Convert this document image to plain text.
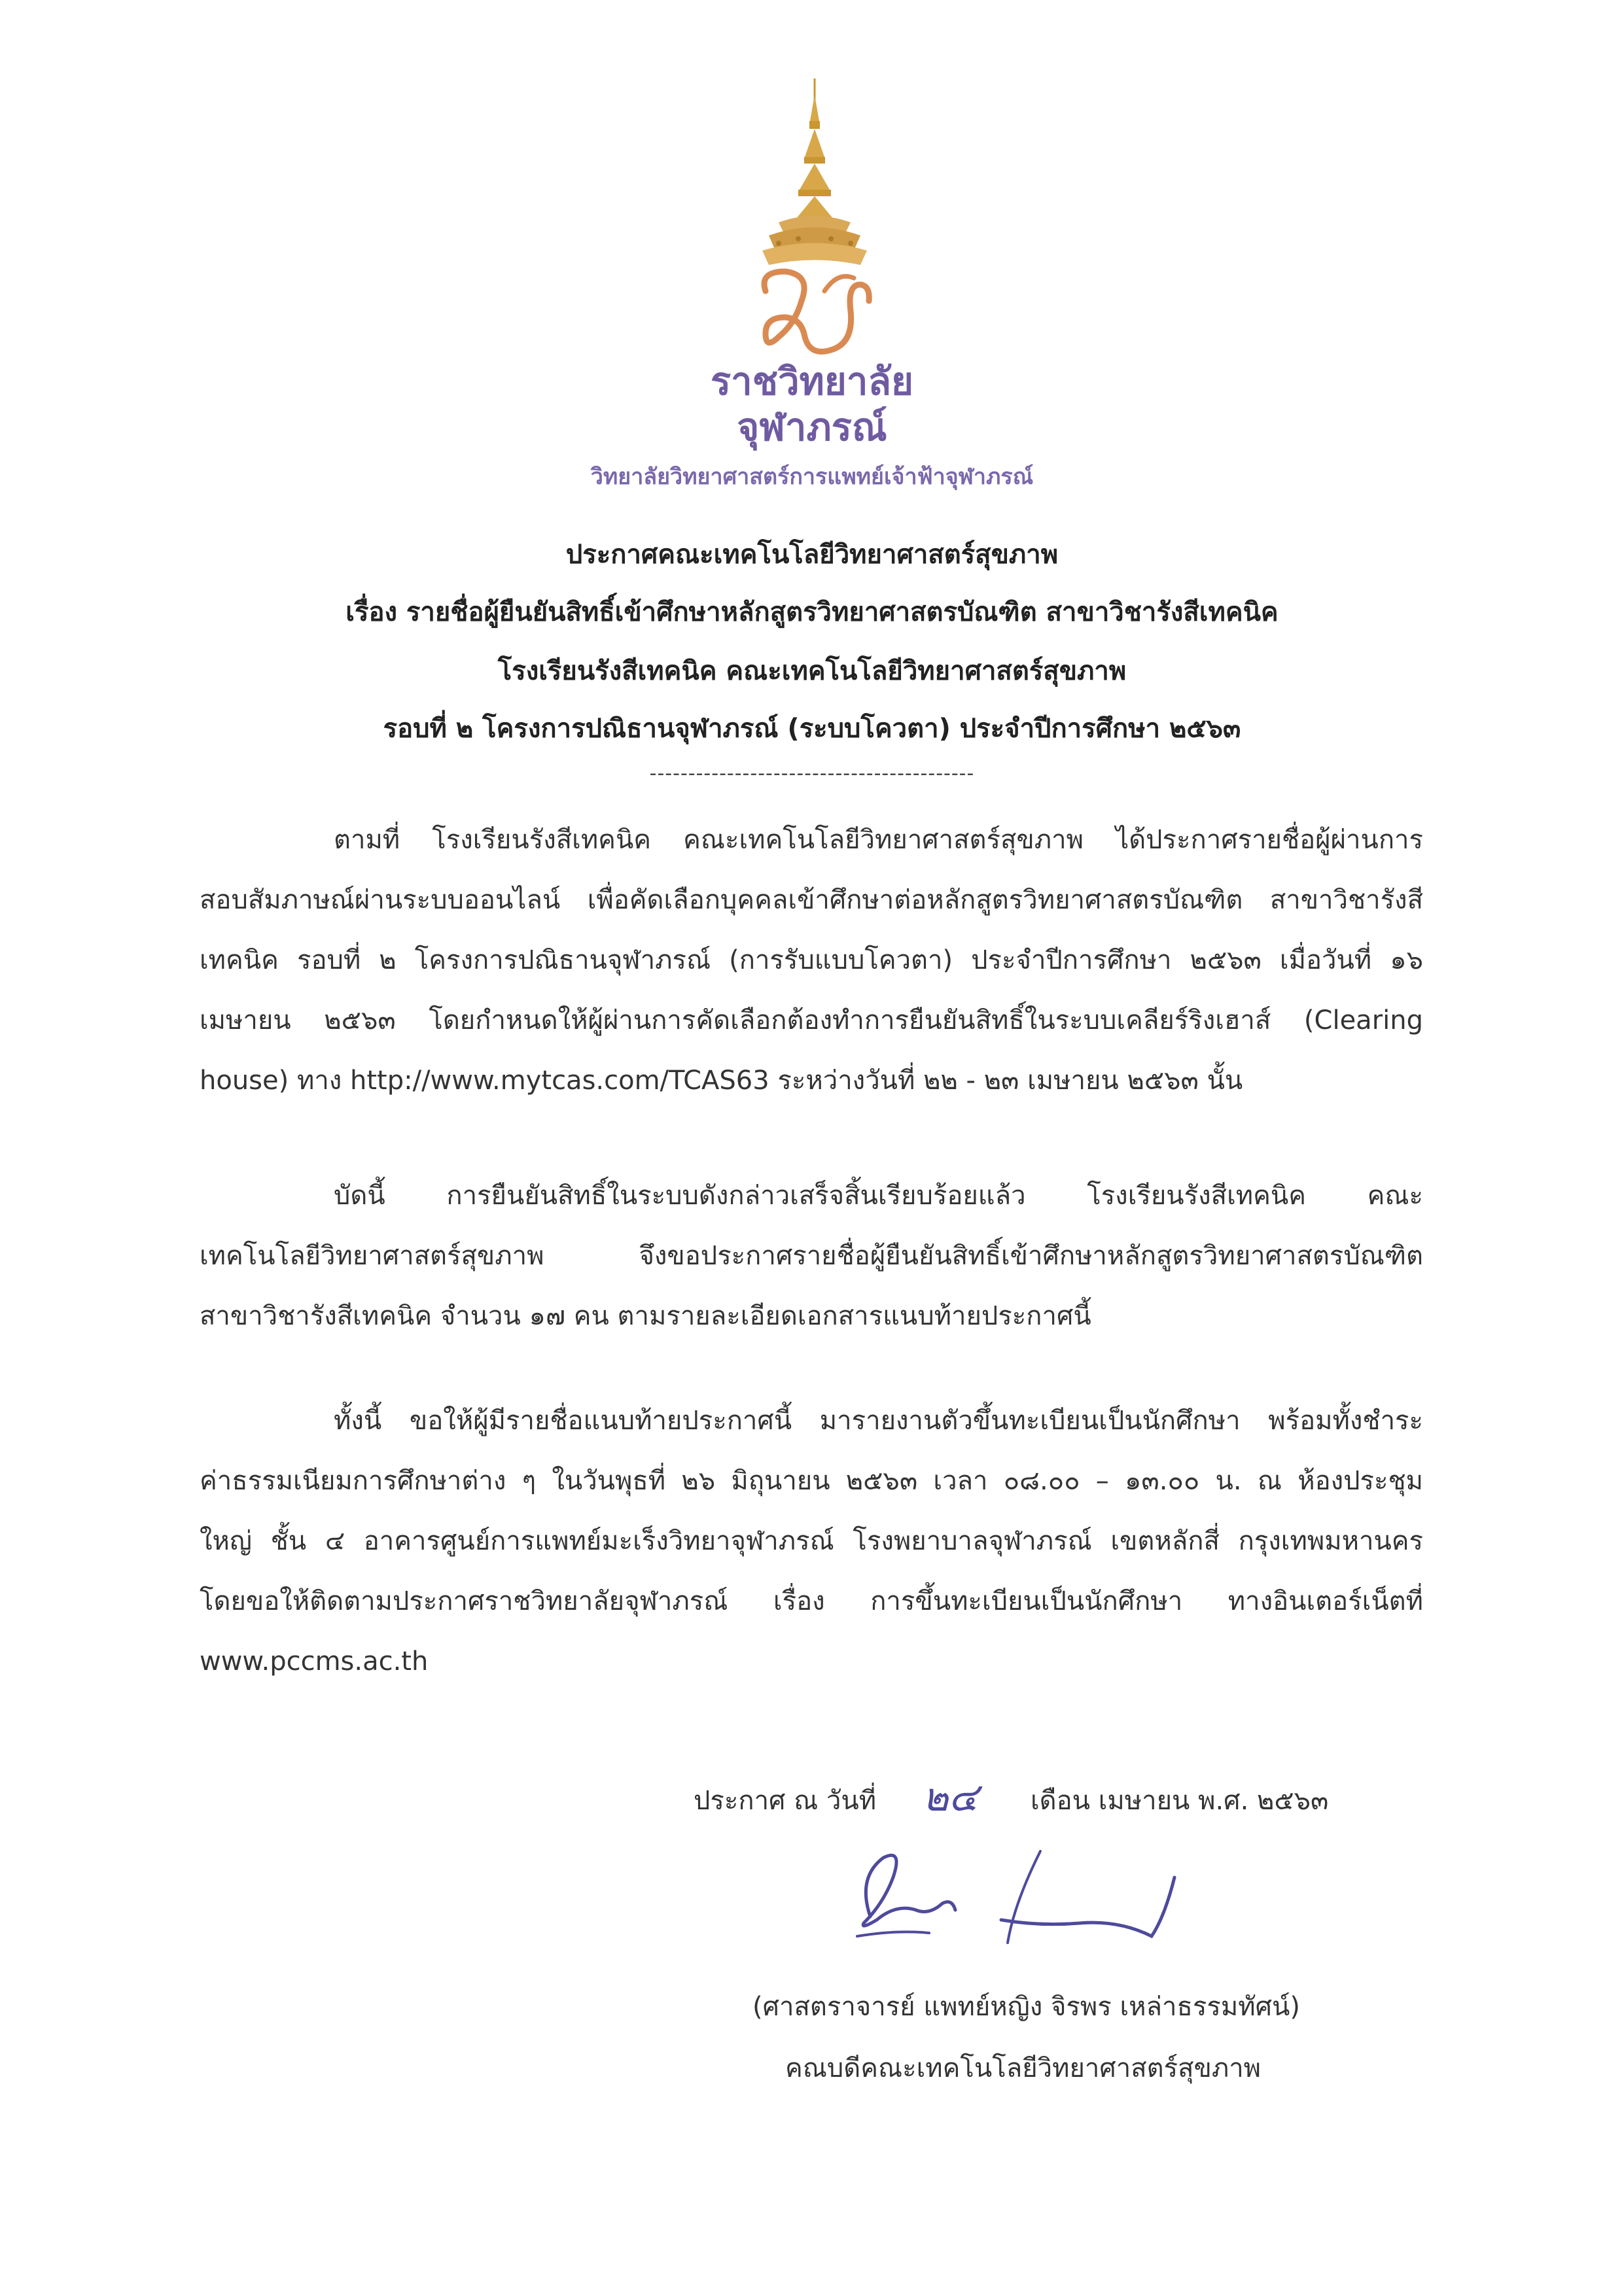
ราชวิทยาลัย
จุฬาภรณ์
วิทยาลัยวิทยาศาสตร์การแพทย์เจ้าฟ้าจุฬาภรณ์
ประกาศคณะเทคโนโลยีวิทยาศาสตร์สุขภาพ
เรื่อง รายชื่อผู้ยืนยันสิทธิ์เข้าศึกษาหลักสูตรวิทยาศาสตรบัณฑิต สาขาวิชารังสีเทคนิค
โรงเรียนรังสีเทคนิค คณะเทคโนโลยีวิทยาศาสตร์สุขภาพ
รอบที่ ๒ โครงการปณิธานจุฬาภรณ์ (ระบบโควตา) ประจำปีการศึกษา ๒๕๖๓
------------------------------------------
ตามที่ โรงเรียนรังสีเทคนิค คณะเทคโนโลยีวิทยาศาสตร์สุขภาพ ได้ประกาศรายชื่อผู้ผ่านการ
สอบสัมภาษณ์ผ่านระบบออนไลน์ เพื่อคัดเลือกบุคคลเข้าศึกษาต่อหลักสูตรวิทยาศาสตรบัณฑิต สาขาวิชารังสี
เทคนิค รอบที่ ๒ โครงการปณิธานจุฬาภรณ์ (การรับแบบโควตา) ประจำปีการศึกษา ๒๕๖๓ เมื่อวันที่ ๑๖
เมษายน ๒๕๖๓ โดยกำหนดให้ผู้ผ่านการคัดเลือกต้องทำการยืนยันสิทธิ์ในระบบเคลียร์ริงเฮาส์ (Clearing
house) ทาง http://www.mytcas.com/TCAS63 ระหว่างวันที่ ๒๒ - ๒๓ เมษายน ๒๕๖๓ นั้น
บัดนี้ การยืนยันสิทธิ์ในระบบดังกล่าวเสร็จสิ้นเรียบร้อยแล้ว โรงเรียนรังสีเทคนิค คณะ
เทคโนโลยีวิทยาศาสตร์สุขภาพ จึงขอประกาศรายชื่อผู้ยืนยันสิทธิ์เข้าศึกษาหลักสูตรวิทยาศาสตรบัณฑิต
สาขาวิชารังสีเทคนิค จำนวน ๑๗ คน ตามรายละเอียดเอกสารแนบท้ายประกาศนี้
ทั้งนี้ ขอให้ผู้มีรายชื่อแนบท้ายประกาศนี้ มารายงานตัวขึ้นทะเบียนเป็นนักศึกษา พร้อมทั้งชำระ
ค่าธรรมเนียมการศึกษาต่าง ๆ ในวันพุธที่ ๒๖ มิถุนายน ๒๕๖๓ เวลา ๐๘.๐๐ – ๑๓.๐๐ น. ณ ห้องประชุม
ใหญ่ ชั้น ๔ อาคารศูนย์การแพทย์มะเร็งวิทยาจุฬาภรณ์ โรงพยาบาลจุฬาภรณ์ เขตหลักสี่ กรุงเทพมหานคร
โดยขอให้ติดตามประกาศราชวิทยาลัยจุฬาภรณ์ เรื่อง การขึ้นทะเบียนเป็นนักศึกษา ทางอินเตอร์เน็ตที่
www.pccms.ac.th
ประกาศ ณ วันที่ ๒๔ เดือน เมษายน พ.ศ. ๒๕๖๓
(ศาสตราจารย์ แพทย์หญิง จิรพร เหล่าธรรมทัศน์)
คณบดีคณะเทคโนโลยีวิทยาศาสตร์สุขภาพ
